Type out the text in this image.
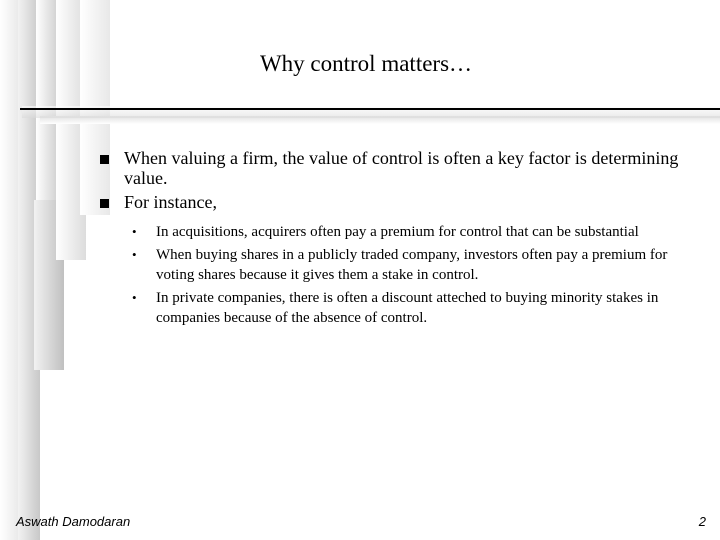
Why control matters…
When valuing a firm, the value of control is often a key factor is determining value.
For instance,
• In acquisitions, acquirers often pay a premium for control that can be substantial
• When buying shares in a publicly traded company, investors often pay a premium for voting shares because it gives them a stake in control.
• In private companies, there is often a discount atteched to buying minority stakes in companies because of the absence of control.
Aswath Damodaran	2
